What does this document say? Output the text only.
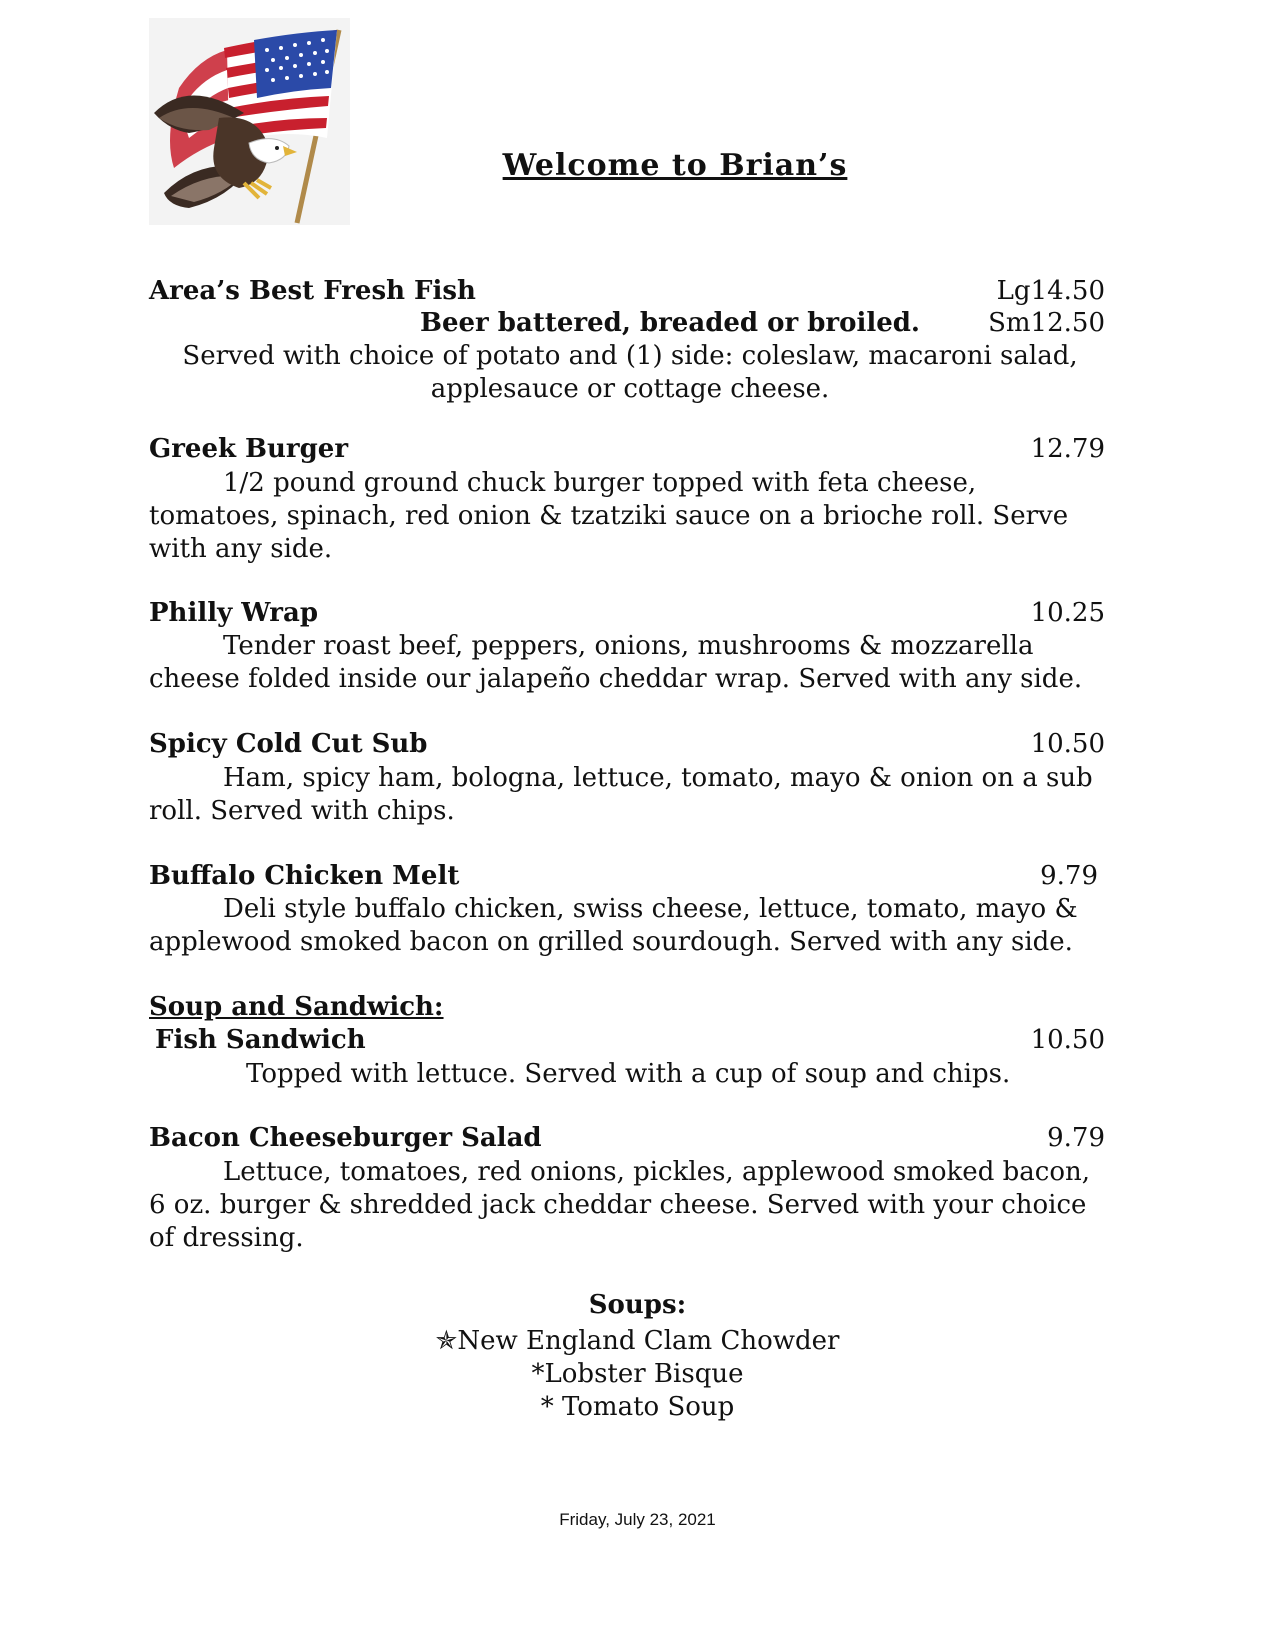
Welcome to Brian’s
Area’s Best Fresh Fish	Lg14.50
Beer battered, breaded or broiled.	Sm12.50
Served with choice of potato and (1) side: coleslaw, macaroni salad,
applesauce or cottage cheese.
Greek Burger	12.79
1/2 pound ground chuck burger topped with feta cheese,
tomatoes, spinach, red onion & tzatziki sauce on a brioche roll. Serve
with any side.
Philly Wrap	10.25
Tender roast beef, peppers, onions, mushrooms & mozzarella
cheese folded inside our jalapeño cheddar wrap. Served with any side.
Spicy Cold Cut Sub	10.50
Ham, spicy ham, bologna, lettuce, tomato, mayo & onion on a sub
roll. Served with chips.
Buffalo Chicken Melt	9.79
Deli style buffalo chicken, swiss cheese, lettuce, tomato, mayo &
applewood smoked bacon on grilled sourdough. Served with any side.
Soup and Sandwich:
Fish Sandwich	10.50
Topped with lettuce. Served with a cup of soup and chips.
Bacon Cheeseburger Salad	9.79
Lettuce, tomatoes, red onions, pickles, applewood smoked bacon,
6 oz. burger & shredded jack cheddar cheese. Served with your choice
of dressing.
Soups:
✯New England Clam Chowder
*Lobster Bisque
* Tomato Soup
Friday, July 23, 2021
